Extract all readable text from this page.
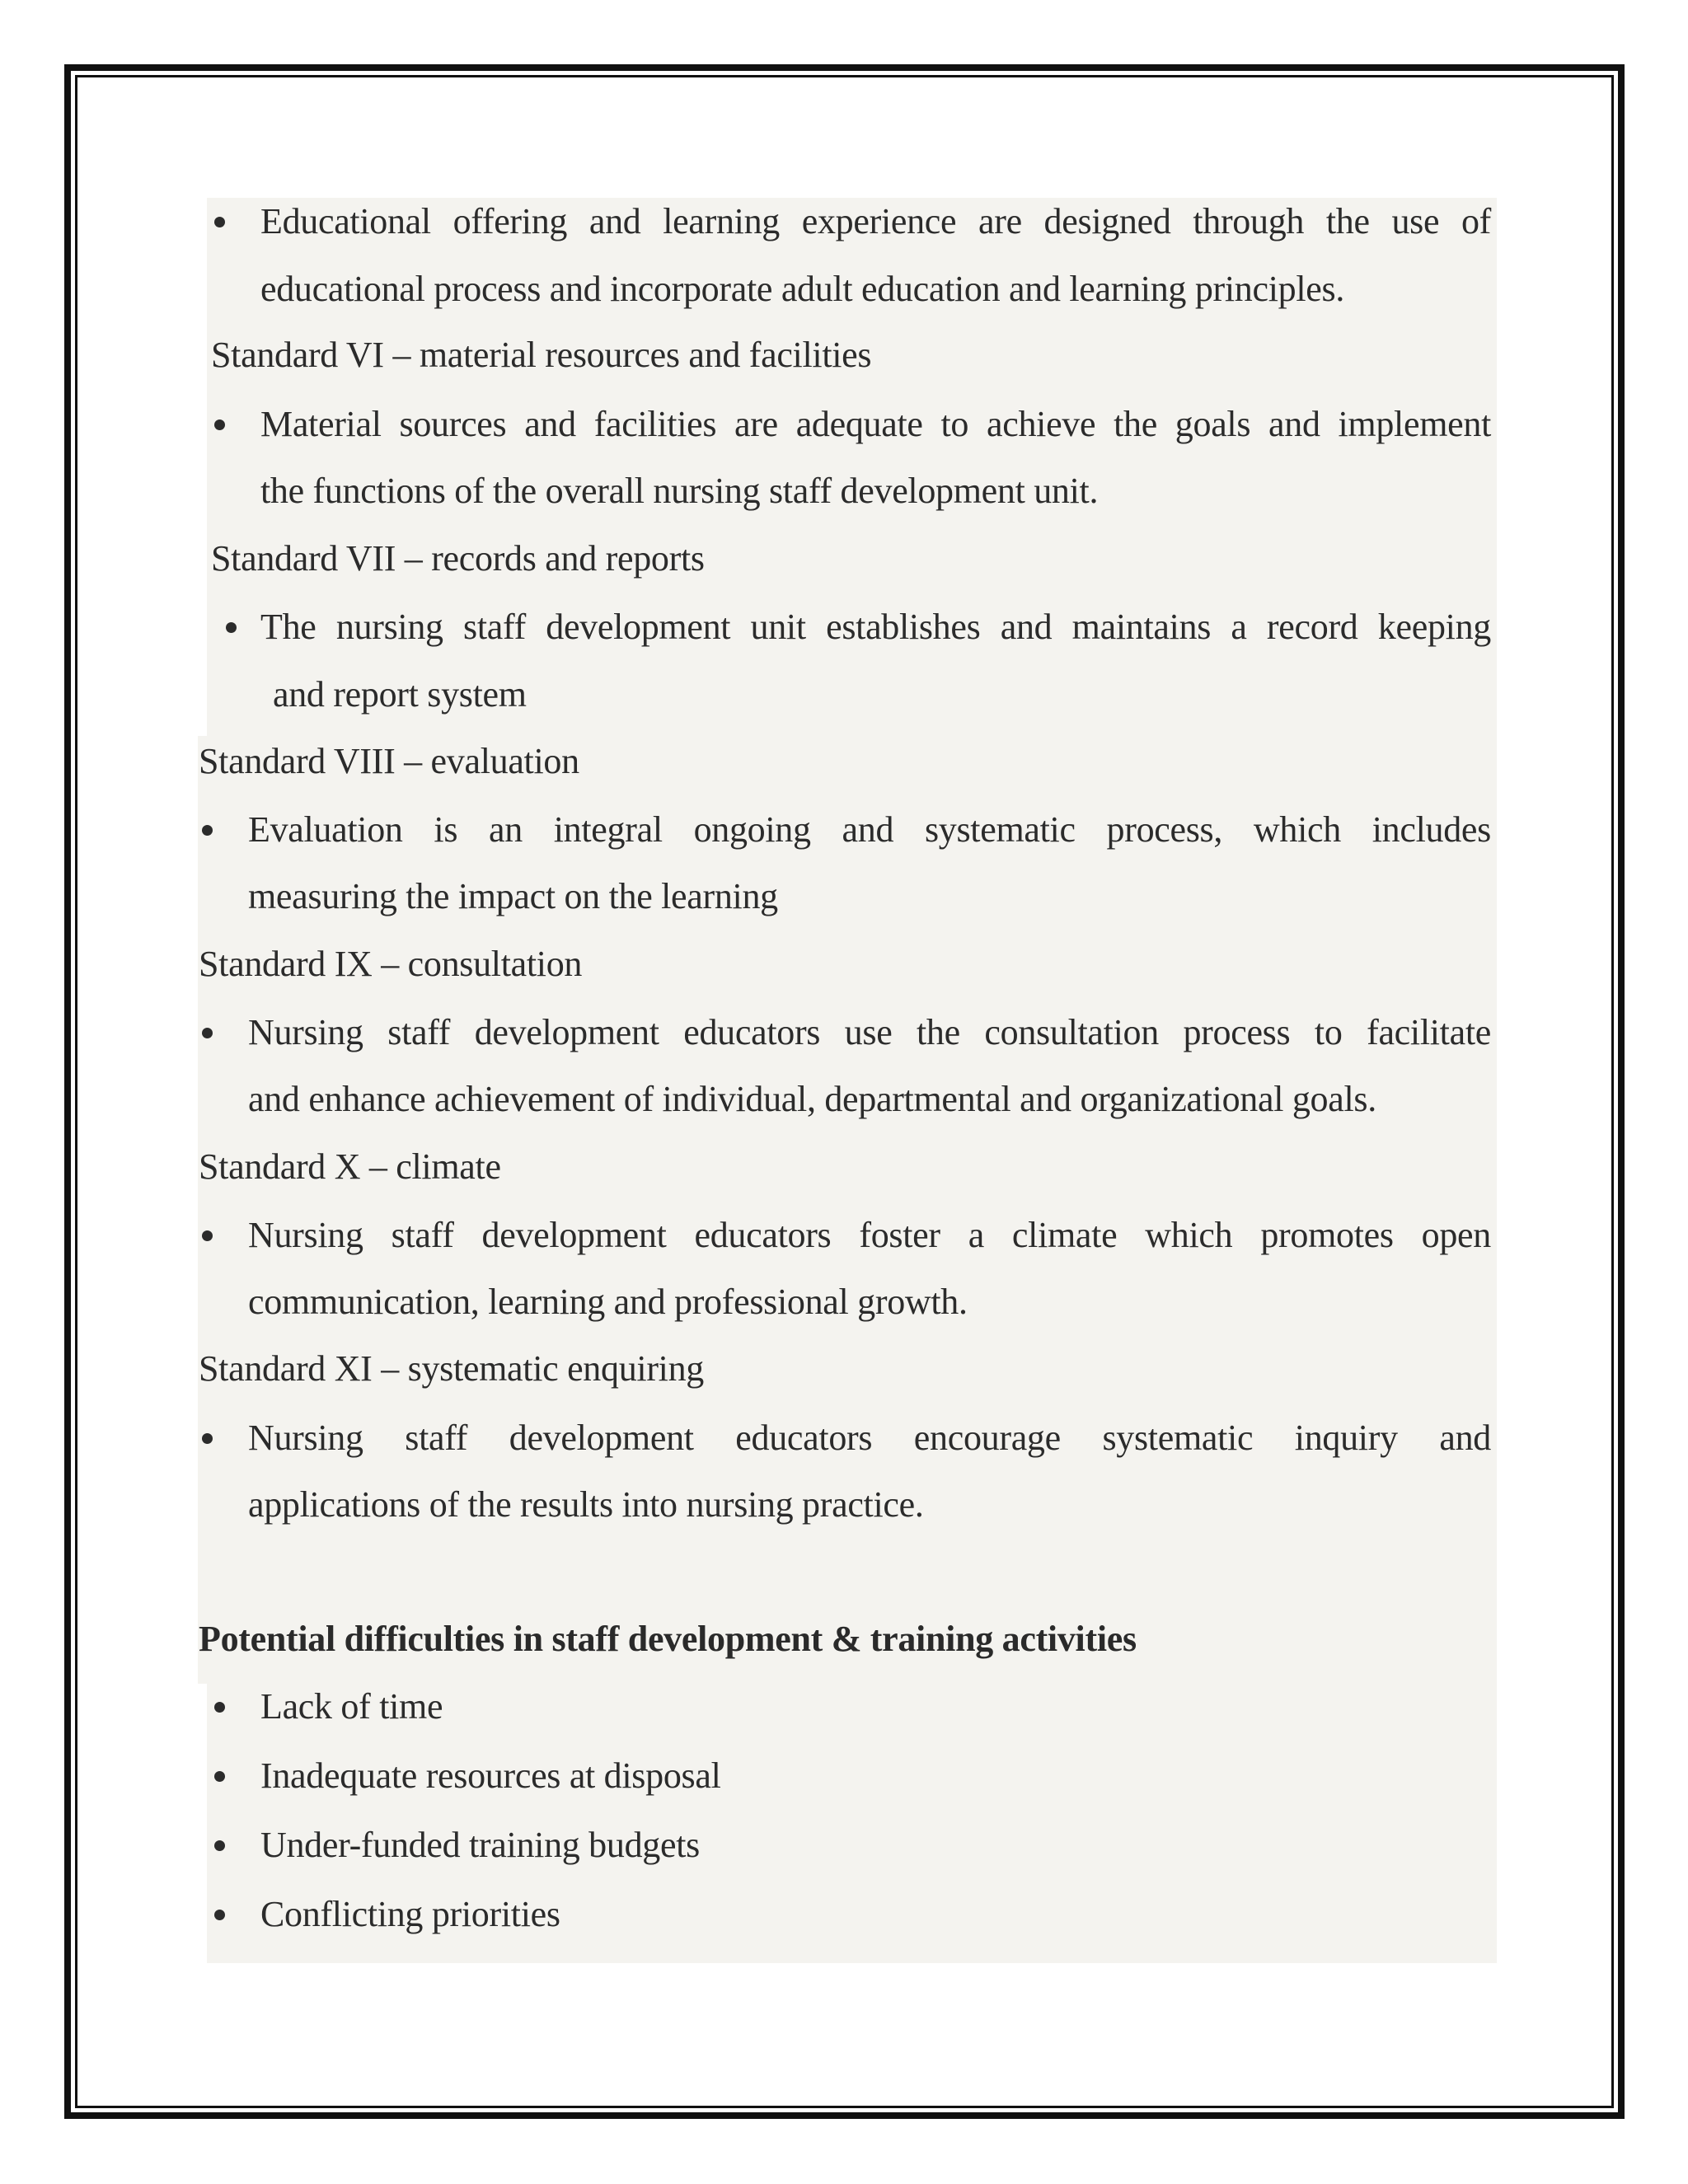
Educational offering and learning experience are designed through the use of
educational process and incorporate adult education and learning principles.
Standard VI – material resources and facilities
Material sources and facilities are adequate to achieve the goals and implement
the functions of the overall nursing staff development unit.
Standard VII – records and reports
The nursing staff development unit establishes and maintains a record keeping
and report system
Standard VIII – evaluation
Evaluation is an integral ongoing and systematic process, which includes
measuring the impact on the learning
Standard IX – consultation
Nursing staff development educators use the consultation process to facilitate
and enhance achievement of individual, departmental and organizational goals.
Standard X – climate
Nursing staff development educators foster a climate which promotes open
communication, learning and professional growth.
Standard XI – systematic enquiring
Nursing staff development educators encourage systematic inquiry and
applications of the results into nursing practice.
Potential difficulties in staff development & training activities
Lack of time
Inadequate resources at disposal
Under-funded training budgets
Conflicting priorities
